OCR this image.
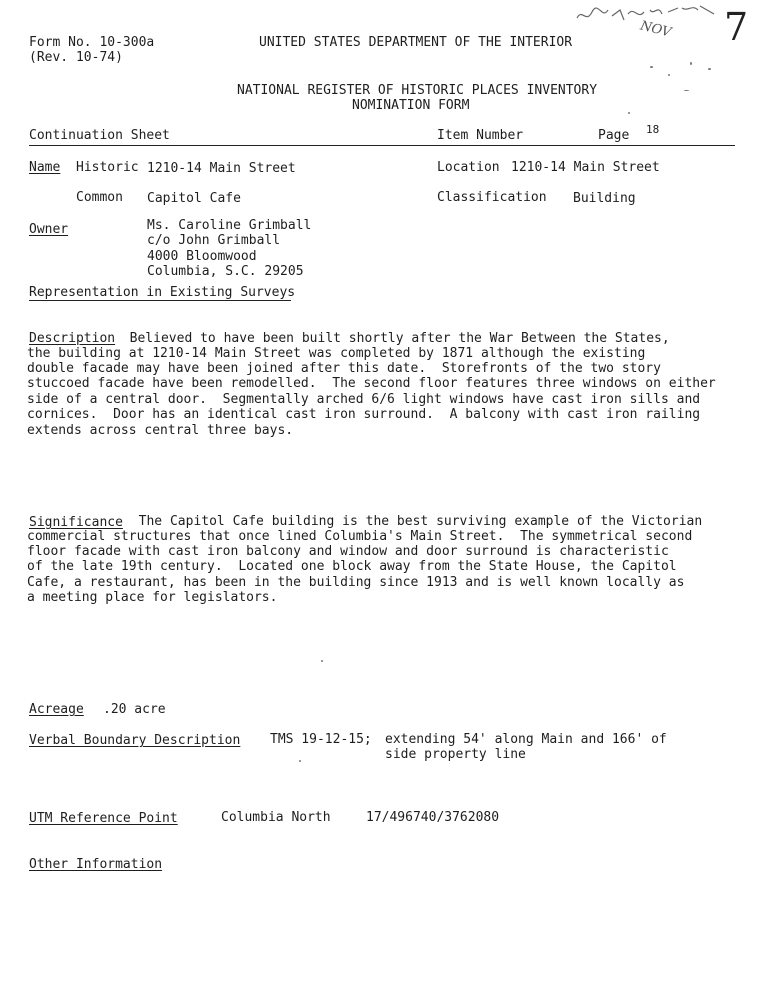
Form No. 10-300a
(Rev. 10-74)
UNITED STATES DEPARTMENT OF THE INTERIOR
NATIONAL REGISTER OF HISTORIC PLACES INVENTORY
NOMINATION FORM
NOV 7
Continuation Sheet	Item Number	Page 18
Name Historic 1210-14 Main Street
Common Capitol Cafe
Location 1210-14 Main Street
Classification Building
Owner	Ms. Caroline Grimball
c/o John Grimball
4000 Bloomwood
Columbia, S.C. 29205
Representation in Existing Surveys
Description
Believed to have been built shortly after the War Between the States,
the building at 1210-14 Main Street was completed by 1871 although the existing
double facade may have been joined after this date.  Storefronts of the two story
stuccoed facade have been remodelled.  The second floor features three windows on either
side of a central door.  Segmentally arched 6/6 light windows have cast iron sills and
cornices.  Door has an identical cast iron surround.  A balcony with cast iron railing
extends across central three bays.
Significance The Capitol Cafe building is the best surviving example of the Victorian
commercial structures that once lined Columbia's Main Street.  The symmetrical second
floor facade with cast iron balcony and window and door surround is characteristic
of the late 19th century.  Located one block away from the State House, the Capitol
Cafe, a restaurant, has been in the building since 1913 and is well known locally as
a meeting place for legislators.
Acreage .20 acre
Verbal Boundary Description TMS 19-12-15; extending 54' along Main and 166' of
side property line
UTM Reference Point	Columbia North	17/496740/3762080
Other Information
